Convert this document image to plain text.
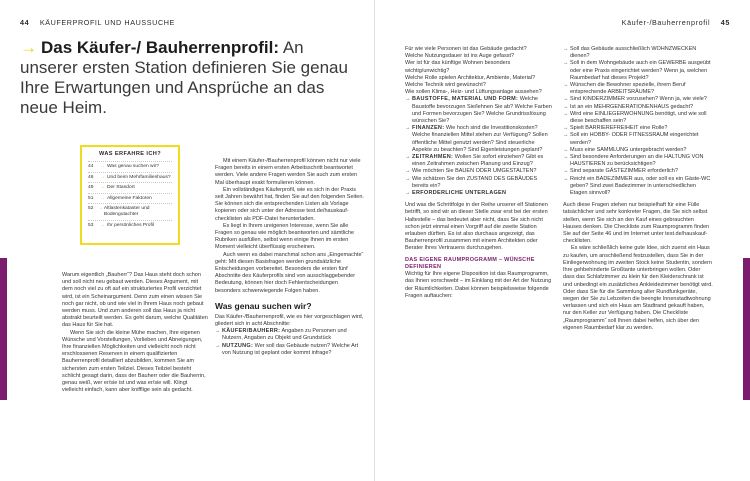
44 KÄUFERPROFIL UND HAUSSUCHE
→ Das Käufer-/ Bauherrenprofil: An unserer ersten Station definieren Sie genau Ihre Erwartungen und Ansprüche an das neue Heim.
WAS ERFAHRE ICH?
44	→ Was genau suchen wir?
46	→ Und beim Mehrfamilienhaus?
49	→ Der Standort
51	→ Allgemeine Faktoren
52 → Altlastenkataster und Bodengutachter
53	→ Ihr persönliches Profil

Warum eigentlich „Bauherr“? Das Haus steht doch schon und soll nicht neu gebaut werden. Dieses Argument, mit dem noch viel zu oft auf ein strukturiertes Profil verzichtet wird, ist ein Scheinargument. Denn zum einen wissen Sie noch gar nicht, ob und wie viel in Ihrem Haus noch gebaut werden muss. Und zum anderen soll das Haus ja nicht abstrakt beurteilt werden. Es geht darum, welche Qualitäten das Haus für Sie hat.

Wenn Sie sich die kleine Mühe machen, Ihre eigenen Wünsche und Vorstellungen, Vorlieben und Abneigungen, Ihre finanziellen Möglichkeiten und vielleicht noch nicht erschlossenen Reserven in einem qualifizierten Bauherrenprofil detailliert abzubilden, kommen Sie am sichersten zum ersten Teilziel. Dieses Teilziel besteht schlicht gesagt darin, dass der Bauherr oder die Bauherrin, genau weiß, wer er/sie ist und was er/sie will. Klingt vielleicht einfach, kann aber knifflige sein als gedacht.

Mit einem Käufer-/Bauherrenprofil können nicht nur viele Fragen bereits in einem ersten Arbeitsschritt beantwortet werden. Viele andere Fragen werden Sie auch zum ersten Mal überhaupt exakt formulieren können.

Ein vollständiges Käuferprofil, wie es sich in der Praxis seit Jahren bewährt hat, finden Sie auf den folgenden Seiten. Sie können sich die entsprechenden Listen als Vorlage kopieren oder sich unter der Adresse test.de/hauskauf-checklisten als PDF-Datei herunterladen.

Es liegt in Ihrem ureigenen Interesse, wenn Sie alle Fragen so genau wie möglich beantworten und sämtliche Rubriken ausfüllen, selbst wenn einige Ihnen im ersten Moment vielleicht überflüssig erscheinen.

Auch wenn es dabei manchmal schon ans „Eingemachte“ geht: Mit diesen Basisfragen werden grundsätzliche Entscheidungen vorbereitet. Besonders die ersten fünf Abschnitte des Käuferprofils sind von ausschlaggebender Bedeutung, können hier doch Fehlentscheidungen besonders schwerwiegende Folgen haben.

Was genau suchen wir?

Das Käufer-/Bauherrenprofil, wie es hier vorgeschlagen wird, gliedert sich in acht Abschnitte:

→ KÄUFER/BAUHERR: Angaben zu Personen und Nutzern, Angaben zu Objekt und Grundstück
→ NUTZUNG: Wer soll das Gebäude nutzen? Welche Art von Nutzung ist geplant oder kommt infrage?
Käufer-/Bauherrenprofil 45

Für wie viele Personen ist das Gebäude gedacht?

Welche Nutzungsdauer ist ins Auge gefasst?

Wer ist für das künftige Wohnen besonders wichtig/unwichtig?

Welche Rolle spielen Architektur, Ambiente, Material?

Welche Technik wird gewünscht?

Wie sollen Klima-, Heiz- und Lüftungsanlage aussehen?

→ BAUSTOFFE, MATERIAL UND FORM: Welche Baustoffe bevorzugen Sie/lehnen Sie ab? Welche Farben und Formen bevorzugen Sie? Welche Grundrisslösung wünschen Sie?
→ FINANZEN: Wie hoch sind die Investitionskosten? Welche finanziellen Mittel stehen zur Verfügung? Sollen öffentliche Mittel genutzt werden? Sind steuerliche Aspekte zu beachten? Sind Eigenleistungen geplant?
→ ZEITRAHMEN: Wollen Sie sofort einziehen? Gibt es einen Zeitrahmen zwischen Planung und Einzug?
→ Wie möchten Sie BAUEN ODER UMGESTALTEN?
→ Wie schätzen Sie den ZUSTAND DES GEBÄUDES bereits ein?
→ ERFORDERLICHE UNTERLAGEN

Und was die Schrittfolge in der Reihe unserer elf Stationen betrifft, so sind wir an dieser Stelle zwar erst bei der ersten Haltestelle – das bedeutet aber nicht, dass Sie sich nicht schon jetzt einmal einen Vorgriff auf die zweite Station erlauben dürften. Es ist also durchaus angezeigt, das Bauherrenprofil zusammen mit einem Architekten oder Berater Ihres Vertrauens durchzugehen.

DAS EIGENE RAUMPROGRAMM – WÜNSCHE DEFINIEREN

Wichtig für Ihre eigene Disposition ist das Raumprogramm, das Ihnen vorschwebt – im Einklang mit der Art der Nutzung der Räumlichkeiten. Dabei können beispielsweise folgende Fragen auftauchen:

→ Soll das Gebäude ausschließlich WOHNZWECKEN dienen?
→ Soll in dem Wohngebäude auch ein GEWERBE ausgeübt oder eine Praxis eingerichtet werden? Wenn ja, welchen Raumbedarf hat dieses Projekt?
→ Wünschen die Bewohner spezielle, ihrem Beruf entsprechende ARBEITSRÄUME?
→ Sind KINDERZIMMER vorzusehen? Wenn ja, wie viele?
→ Ist an ein MEHRGENERATIONENHAUS gedacht?
→ Wird eine EINLIEGERWOHNUNG benötigt, und wie soll diese beschaffen sein?
→ Spielt BARRIEREFREIHEIT eine Rolle?
→ Soll ein HOBBY- ODER FITNESSRAUM eingerichtet werden?
→ Muss eine SAMMLUNG untergebracht werden?
→ Sind besondere Anforderungen an die HALTUNG VON HAUSTIEREN zu berücksichtigen?
→ Sind separate GÄSTEZIMMER erforderlich?
→ Reicht ein BADEZIMMER aus, oder soll es ein Gäste-WC geben? Sind zwei Badezimmer in unterschiedlichen Etagen sinnvoll?

Auch diese Fragen stehen nur beispielhaft für eine Fülle tatsächlicher und sehr konkreter Fragen, die Sie sich selbst stellen, wenn Sie sich an den Kauf eines gebrauchten Hauses denken. Die Checkliste zum Raumprogramm finden Sie auf der Seite 46 und im Internet unter test.de/hauskauf-checklisten.

Es wäre schließlich keine gute Idee, sich zuerst ein Haus zu kaufen, um anschließend festzustellen, dass Sie in der Einliegerwohnung im zweiten Stock keine Studentin, sondern Ihre gehbehinderte Großtante unterbringen wollen. Oder dass das Schlafzimmer zu klein für den Kleiderschrank ist und unbedingt ein zusätzliches Ankleidezimmer benötigt wird. Oder dass Sie für die Sammlung alter Rundfunkgeräte, wegen der Sie zu Lebzeiten die beengte Innenstadtwohnung verlassen und sich ein Haus am Stadtrand gekauft haben, nur den Keller zur Verfügung haben. Die Checkliste „Raumprogramm“ soll Ihnen dabei helfen, sich über den eigenen Raumbedarf klar zu werden.
